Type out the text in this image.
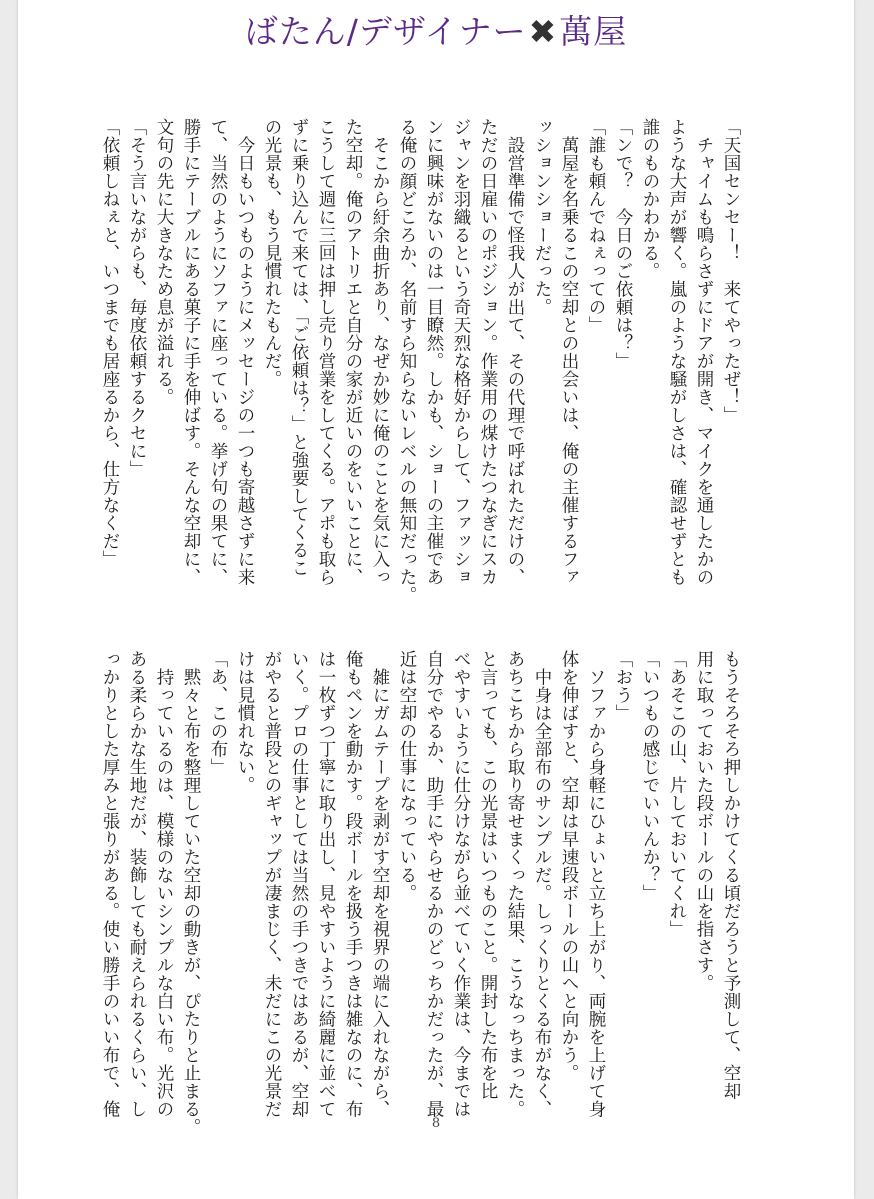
ばたん/デザイナー✖萬屋

「天国センセー！　来てやったぜ！」

　チャイムも鳴らさずにドアが開き、マイクを通したかの

ような大声が響く。嵐のような騒がしさは、確認せずとも

誰のものかわかる。

「ンで？　今日のご依頼は？」

「誰も頼んでねぇっての」

　萬屋を名乗るこの空却との出会いは、俺の主催するファ

ッションショーだった。

　設営準備で怪我人が出て、その代理で呼ばれただけの、

ただの日雇いのポジション。作業用の煤けたつなぎにスカ

ジャンを羽織るという奇天烈な格好からして、ファッショ

ンに興味がないのは一目瞭然。しかも、ショーの主催であ

る俺の顔どころか、名前すら知らないレベルの無知だった。

　そこから紆余曲折あり、なぜか妙に俺のことを気に入っ

た空却。俺のアトリエと自分の家が近いのをいいことに、

こうして週に三回は押し売り営業をしてくる。アポも取ら

ずに乗り込んで来ては、「ご依頼は？」と強要してくるこ

の光景も、もう見慣れたもんだ。

　今日もいつものようにメッセージの一つも寄越さずに来

て、当然のようにソファに座っている。挙げ句の果てに、

勝手にテーブルにある菓子に手を伸ばす。そんな空却に、

文句の先に大きなため息が溢れる。

「そう言いながらも、毎度依頼するクセに」

「依頼しねぇと、いつまでも居座るから、仕方なくだ」

もうそろそろ押しかけてくる頃だろうと予測して、空却

用に取っておいた段ボールの山を指さす。

「あそこの山、片しておいてくれ」

「いつもの感じでいいんか？」

「おう」

　ソファから身軽にひょいと立ち上がり、両腕を上げて身

体を伸ばすと、空却は早速段ボールの山へと向かう。

　中身は全部布のサンプルだ。しっくりとくる布がなく、

あちこちから取り寄せまくった結果、こうなっちまった。

と言っても、この光景はいつものこと。開封した布を比

べやすいように仕分けながら並べていく作業は、今までは

自分でやるか、助手にやらせるかのどっちかだったが、最

近は空却の仕事になっている。

　雑にガムテープを剥がす空却を視界の端に入れながら、

俺もペンを動かす。段ボールを扱う手つきは雑なのに、布

は一枚ずつ丁寧に取り出し、見やすいように綺麗に並べて

いく。プロの仕事としては当然の手つきではあるが、空却

がやると普段とのギャップが凄まじく、未だにこの光景だ

けは見慣れない。

「あ、この布」

　黙々と布を整理していた空却の動きが、ぴたりと止まる。

　持っているのは、模様のないシンプルな白い布。光沢の

ある柔らかな生地だが、装飾しても耐えられるくらい、し

っかりとした厚みと張りがある。使い勝手のいい布で、俺

8
